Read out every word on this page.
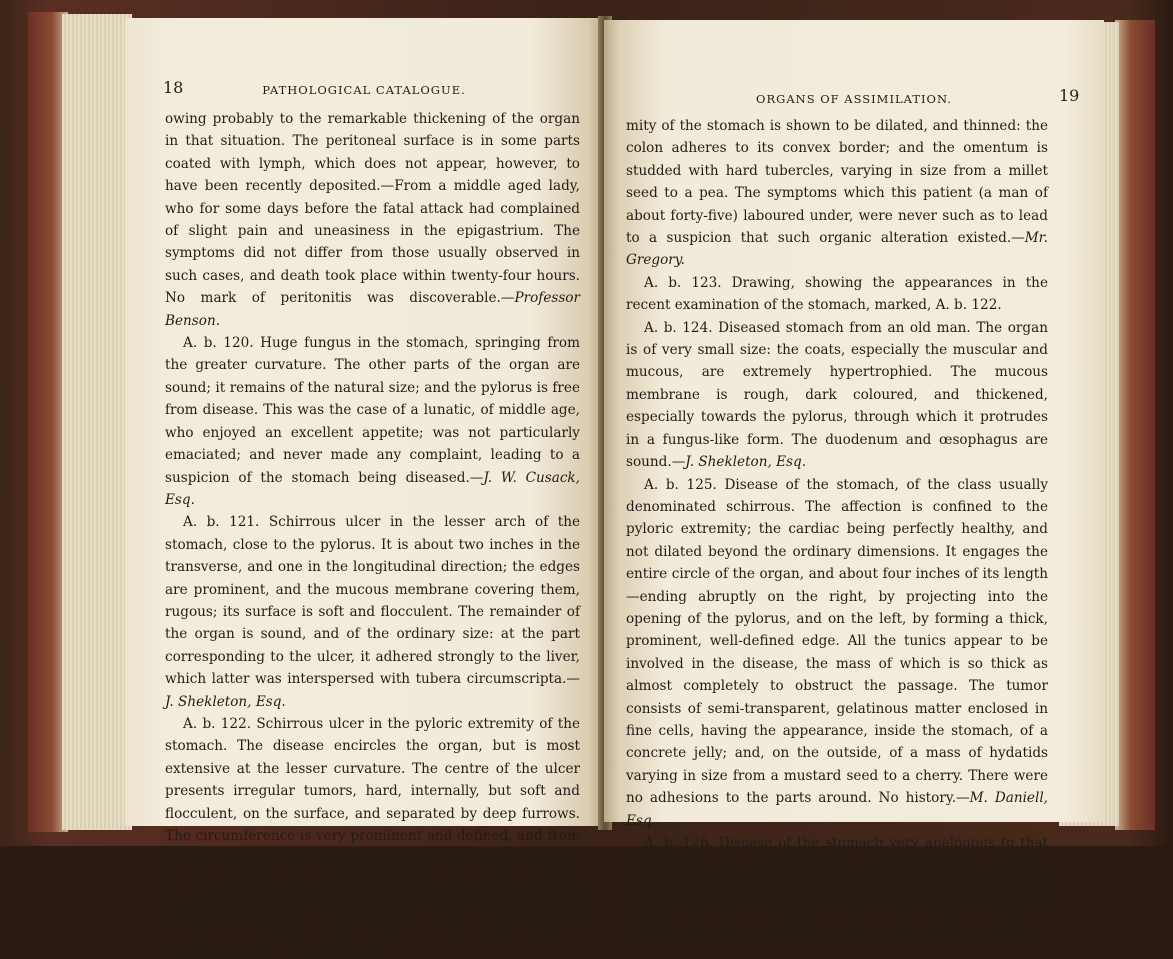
18	PATHOLOGICAL CATALOGUE.

owing probably to the remarkable thickening of the organ in that situation. The peritoneal surface is in some parts coated with lymph, which does not appear, however, to have been recently deposited.—From a middle aged lady, who for some days before the fatal attack had complained of slight pain and uneasiness in the epigastrium. The symptoms did not differ from those usually observed in such cases, and death took place within twenty-four hours. No mark of peritonitis was discoverable.—Professor Benson.

A. b. 120. Huge fungus in the stomach, springing from the greater curvature. The other parts of the organ are sound; it remains of the natural size; and the pylorus is free from disease. This was the case of a lunatic, of middle age, who enjoyed an excellent appetite; was not particularly emaciated; and never made any complaint, leading to a suspicion of the stomach being diseased.—J. W. Cusack, Esq.

A. b. 121. Schirrous ulcer in the lesser arch of the stomach, close to the pylorus. It is about two inches in the transverse, and one in the longitudinal direction; the edges are prominent, and the mucous membrane covering them, rugous; its surface is soft and flocculent. The remainder of the organ is sound, and of the ordinary size: at the part corresponding to the ulcer, it adhered strongly to the liver, which latter was interspersed with tubera circumscripta.—J. Shekleton, Esq.

A. b. 122. Schirrous ulcer in the pyloric extremity of the stomach. The disease encircles the organ, but is most extensive at the lesser curvature. The centre of the ulcer presents irregular tumors, hard, internally, but soft and flocculent, on the surface, and separated by deep furrows. The circumference is very prominent and defined, and from it, the mucous membrane at once assumes a natural aspect. In the recent state, the membrane for some distance around, presented a reddish tint, and was covered with scattered varicose blood-vessels, and hypertrophied mucous glands. The great extre-

ORGANS OF ASSIMILATION.	19

mity of the stomach is shown to be dilated, and thinned: the colon adheres to its convex border; and the omentum is studded with hard tubercles, varying in size from a millet seed to a pea. The symptoms which this patient (a man of about forty-five) laboured under, were never such as to lead to a suspicion that such organic alteration existed.—Mr. Gregory.

A. b. 123. Drawing, showing the appearances in the recent examination of the stomach, marked, A. b. 122.

A. b. 124. Diseased stomach from an old man. The organ is of very small size: the coats, especially the muscular and mucous, are extremely hypertrophied. The mucous membrane is rough, dark coloured, and thickened, especially towards the pylorus, through which it protrudes in a fungus-like form. The duodenum and œsophagus are sound.—J. Shekleton, Esq.

A. b. 125. Disease of the stomach, of the class usually denominated schirrous. The affection is confined to the pyloric extremity; the cardiac being perfectly healthy, and not dilated beyond the ordinary dimensions. It engages the entire circle of the organ, and about four inches of its length—ending abruptly on the right, by projecting into the opening of the pylorus, and on the left, by forming a thick, prominent, well-defined edge. All the tunics appear to be involved in the disease, the mass of which is so thick as almost completely to obstruct the passage. The tumor consists of semi-transparent, gelatinous matter enclosed in fine cells, having the appearance, inside the stomach, of a concrete jelly; and, on the outside, of a mass of hydatids varying in size from a mustard seed to a cherry. There were no adhesions to the parts around. No history.—M. Daniell, Esq.

A. b. 126. Disease of the stomach very analogous to that marked 125. It is confined to the pyloric half. The coats are in some places more than an inch in thickness, and the passage through the pylorus, is much narrowed. The interior is soft and gelatinous, like frog-spawn; the exterior, which is
